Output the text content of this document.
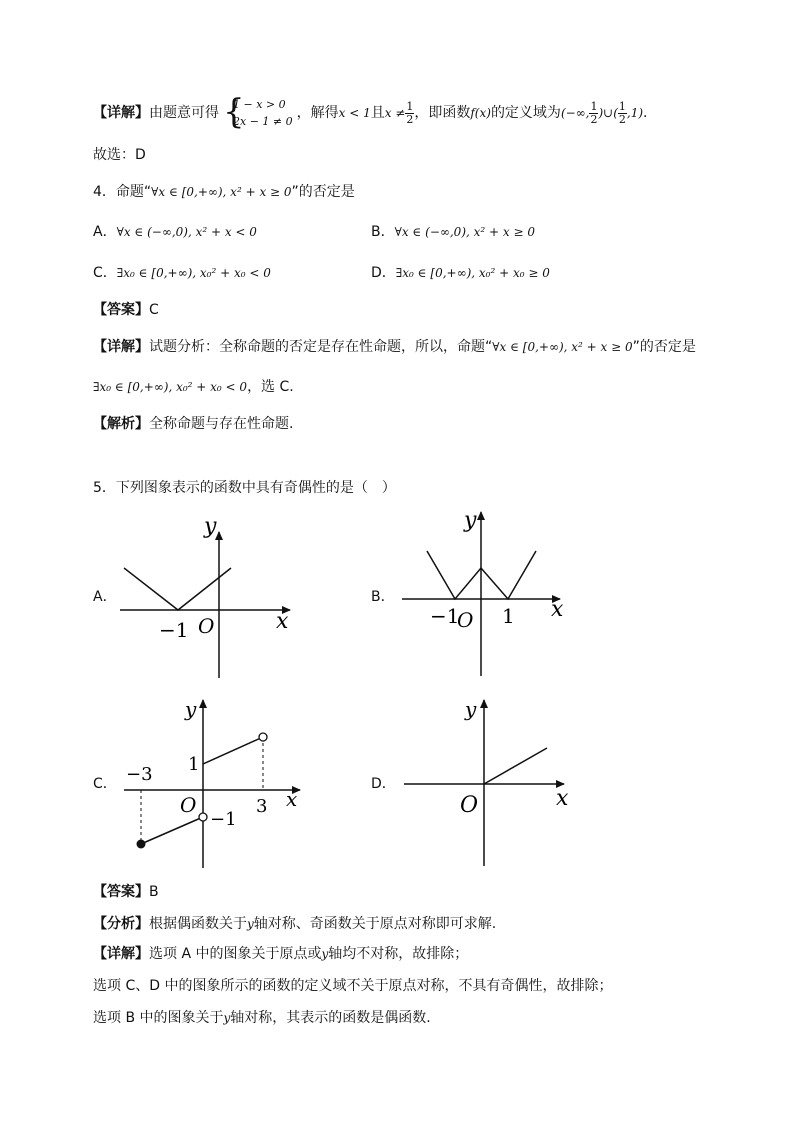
【详解】由题意可得 {
1 − x > 0
2x − 1 ≠ 0
，解得x < 1且$x \ne \frac{1}{2}$ ，即函数f(x)的定义域为(−∞, $\frac{1}{2}$ )∪( $\frac{1}{2} ,1$).
故选：D
4．命题“∀x ∈ [0,+∞), x² + x ≥ 0”的否定是
A．∀x ∈ (−∞,0), x² + x < 0	B．∀x ∈ (−∞,0), x² + x ≥ 0
C．∃x₀ ∈ [0,+∞), x₀² + x₀ < 0	D．∃x₀ ∈ [0,+∞), x₀² + x₀ ≥ 0
【答案】C
【详解】试题分析：全称命题的否定是存在性命题，所以，命题“∀x ∈ [0,+∞), x² + x ≥ 0”的否定是
∃x₀ ∈ [0,+∞), x₀² + x₀ < 0，选 C.
【解析】全称命题与存在性命题.
5．下列图象表示的函数中具有奇偶性的是（　）
A．	B．
C．	D．
y
x
O
−1
y
x
−1
O 1
y
x
−3 1
O	3
−1
y
x
O
【答案】B
【分析】根据偶函数关于y轴对称、奇函数关于原点对称即可求解.
【详解】选项 A 中的图象关于原点或y轴均不对称，故排除；
选项 C、D 中的图象所示的函数的定义域不关于原点对称，不具有奇偶性，故排除；
选项 B 中的图象关于y轴对称，其表示的函数是偶函数.
